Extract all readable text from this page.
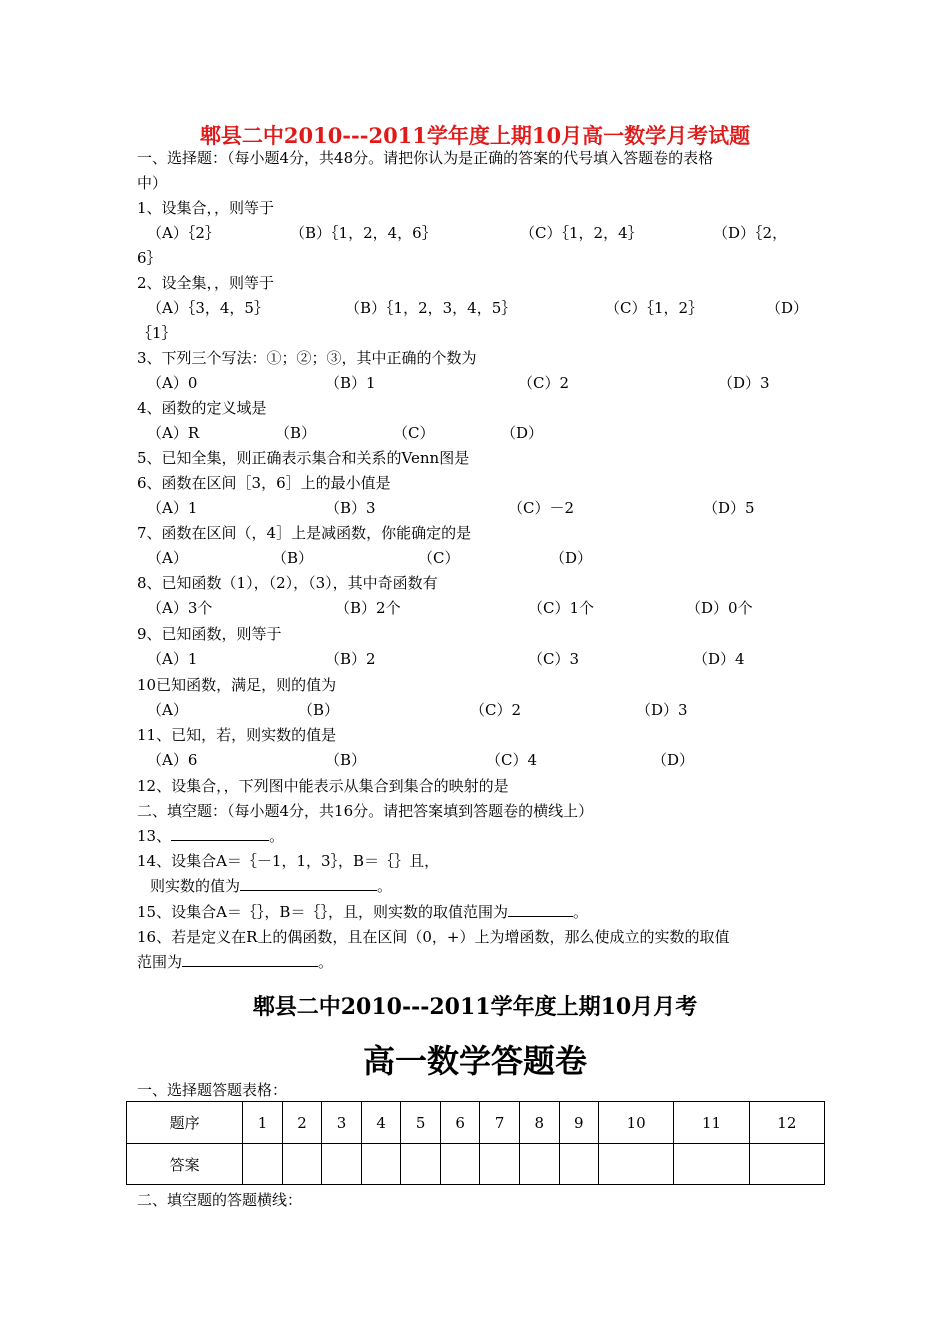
郫县二中2010---2011学年度上期10月高一数学月考试题
一、选择题：（每小题4分，共48分。请把你认为是正确的答案的代号填入答题卷的表格
中）
1、设集合，，则等于
（A）｛2｝	（B）｛1，2，4，6｝	（C）｛1，2，4｝	（D）｛2，
6｝
2、设全集，，则等于
（A）｛3，4，5｝	（B）｛1，2，3，4，5｝	（C）｛1，2｝	（D）
｛1｝
3、下列三个写法：①；②；③，其中正确的个数为
（A）0	（B）1	（C）2	（D）3
4、函数的定义域是
（A）R	（B）	（C）	（D）
5、已知全集，则正确表示集合和关系的Venn图是
6、函数在区间［3，6］上的最小值是
（A）1	（B）3	（C）－2	（D）5
7、函数在区间（，4］上是减函数，你能确定的是
（A）	（B）	（C）	（D）
8、已知函数（1），（2），（3），其中奇函数有
（A）3个	（B）2个	（C）1个	（D）0个
9、已知函数，则等于
（A）1	（B）2	（C）3	（D）4
10已知函数，满足，则的值为
（A）	（B）	（C）2	（D）3
11、已知，若，则实数的值是
（A）6	（B）	（C）4	（D）
12、设集合，，下列图中能表示从集合到集合的映射的是
二、填空题：（每小题4分，共16分。请把答案填到答题卷的横线上）
13、	。
14、设集合A＝｛－1，1，3｝，B＝｛｝且，
则实数的值为	。
15、设集合A＝｛｝，B＝｛｝，且，则实数的取值范围为	。
16、若是定义在R上的偶函数，且在区间（0，+）上为增函数，那么使成立的实数的取值
范围为	。
郫县二中2010---2011学年度上期10月月考
高一数学答题卷
一、选择题答题表格：
题序	1	2	3	4	5	6	7	8	9	10	11	12
答案												
二、填空题的答题横线：
